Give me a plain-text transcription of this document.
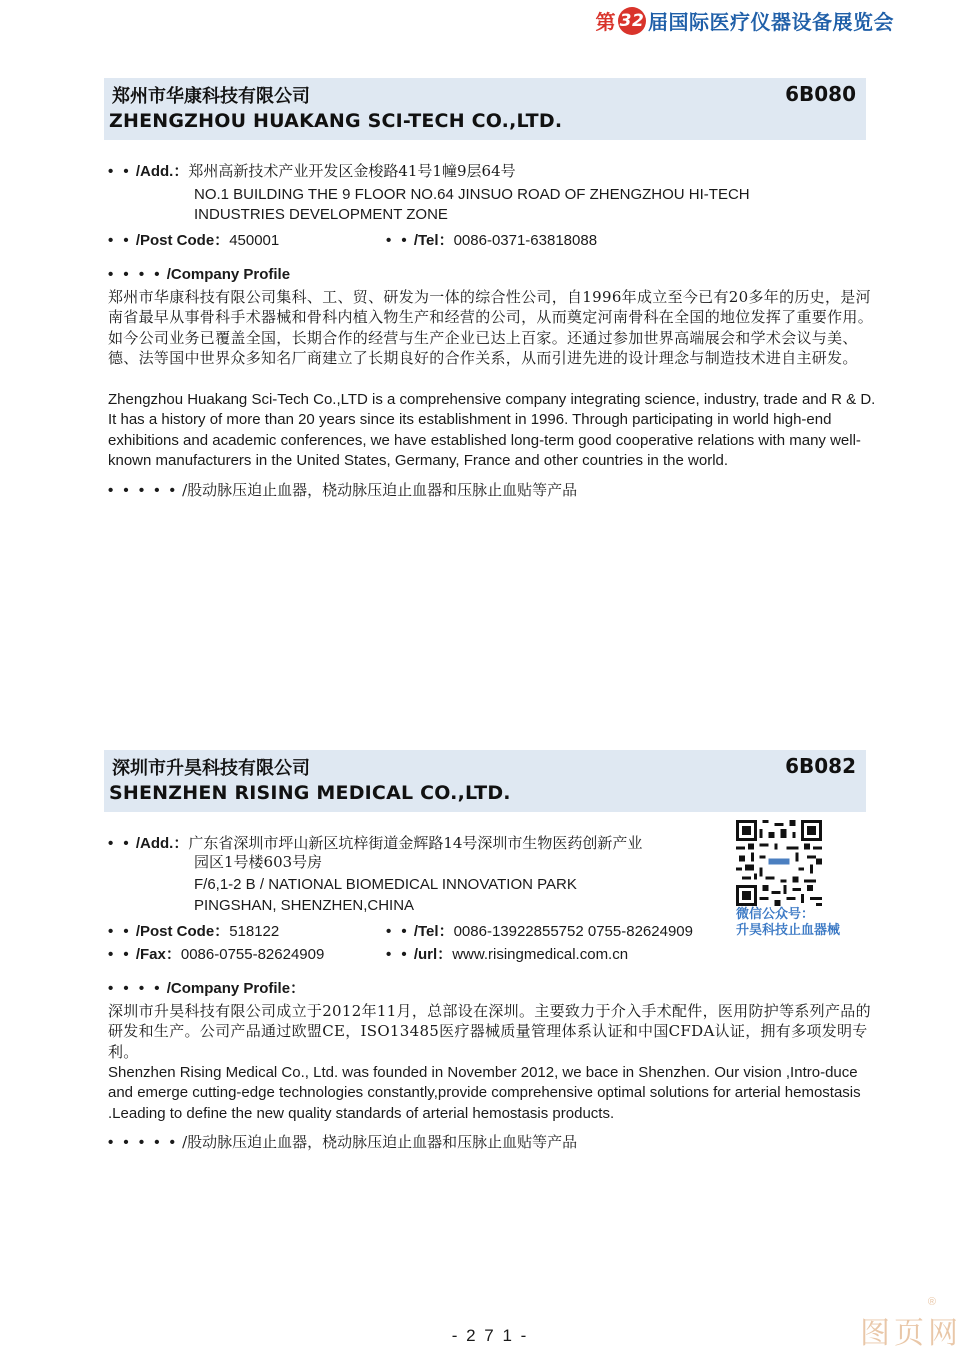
第 32 届国际医疗仪器设备展览会
郑州市华康科技有限公司
ZHENGZHOU HUAKANG SCI-TECH CO.,LTD.
6B080
• • /Add.：郑州高新技术产业开发区金梭路41号1幢9层64号
NO.1 BUILDING THE 9 FLOOR NO.64 JINSUO ROAD OF ZHENGZHOU HI-TECH
INDUSTRIES DEVELOPMENT ZONE
• • /Post Code：450001	• • /Tel：0086-0371-63818088
• • • • /Company Profile
郑州市华康科技有限公司集科、工、贸、研发为一体的综合性公司，自1996年成立至今已有20多年的历史，是河南省最早从事骨科手术器械和骨科内植入物生产和经营的公司，从而奠定河南骨科在全国的地位发挥了重要作用。如今公司业务已覆盖全国，长期合作的经营与生产企业已达上百家。还通过参加世界高端展会和学术会议与美、德、法等国中世界众多知名厂商建立了长期良好的合作关系，从而引进先进的设计理念与制造技术进自主研发。
Zhengzhou Huakang Sci-Tech Co.,LTD is a comprehensive company integrating science, industry, trade and R & D. It has a history of more than 20 years since its establishment in 1996. Through participating in world high-end exhibitions and academic conferences, we have established long-term good cooperative relations with many well-known manufacturers in the United States, Germany, France and other countries in the world.
• • • • • /股动脉压迫止血器，桡动脉压迫止血器和压脉止血贴等产品
深圳市升昊科技有限公司
SHENZHEN RISING MEDICAL CO.,LTD.
6B082
• • /Add.：广东省深圳市坪山新区坑梓街道金辉路14号深圳市生物医药创新产业
园区1号楼603号房
F/6,1-2 B / NATIONAL BIOMEDICAL INNOVATION PARK
PINGSHAN, SHENZHEN,CHINA
• • /Post Code：518122	• • /Tel：0086-13922855752 0755-82624909
• • /Fax：0086-0755-82624909	• • /url：www.risingmedical.com.cn
微信公众号：
升昊科技止血器械
• • • • /Company Profile：
深圳市升昊科技有限公司成立于2012年11月，总部设在深圳。主要致力于介入手术配件，医用防护等系列产品的研发和生产。公司产品通过欧盟CE，ISO13485医疗器械质量管理体系认证和中国CFDA认证，拥有多项发明专利。
Shenzhen Rising Medical Co., Ltd. was founded in November 2012, we bace in Shenzhen. Our vision ,Intro-duce and emerge cutting-edge technologies constantly,provide comprehensive optimal solutions for arterial hemostasis .Leading to define the new quality standards of arterial hemostasis products.
• • • • • /股动脉压迫止血器，桡动脉压迫止血器和压脉止血贴等产品
- 2 7 1 -
®
图页网
